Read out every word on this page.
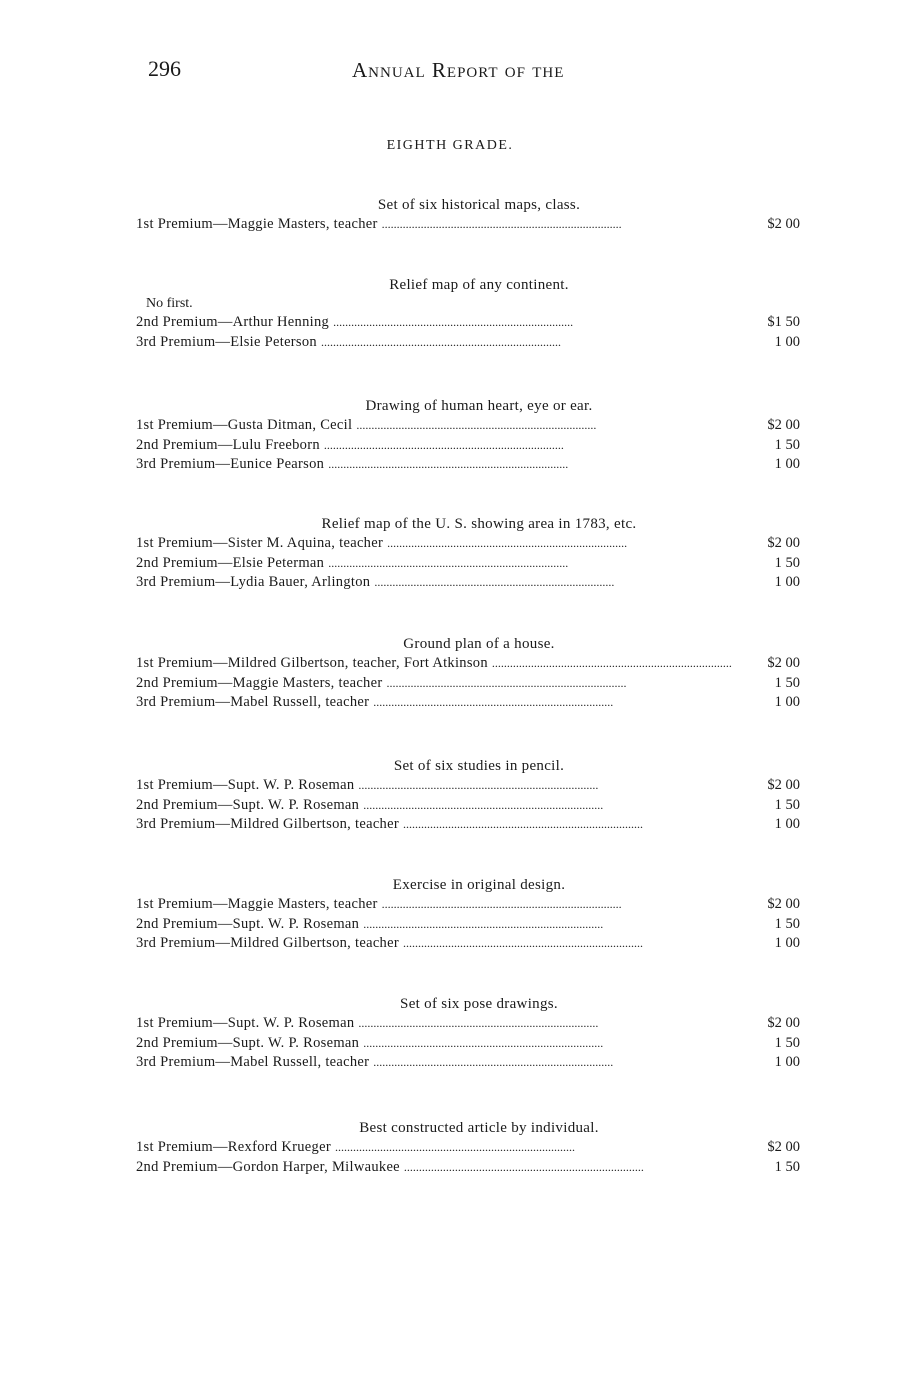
296	Annual Report of the
EIGHTH GRADE.
Set of six historical maps, class.
1st Premium—Maggie Masters, teacher . . .	$2 00
Relief map of any continent.
No first.
2nd Premium—Arthur Henning . . .	$1 50
3rd Premium—Elsie Peterson . . .	1 00
Drawing of human heart, eye or ear.
1st Premium—Gusta Ditman, Cecil . . .	$2 00
2nd Premium—Lulu Freeborn . . .	1 50
3rd Premium—Eunice Pearson . . .	1 00
Relief map of the U. S. showing area in 1783, etc.
1st Premium—Sister M. Aquina, teacher . . .	$2 00
2nd Premium—Elsie Peterman . . .	1 50
3rd Premium—Lydia Bauer, Arlington . . .	1 00
Ground plan of a house.
1st Premium—Mildred Gilbertson, teacher, Fort Atkinson . . .	$2 00
2nd Premium—Maggie Masters, teacher . . .	1 50
3rd Premium—Mabel Russell, teacher . . .	1 00
Set of six studies in pencil.
1st Premium—Supt. W. P. Roseman . . .	$2 00
2nd Premium—Supt. W. P. Roseman . . .	1 50
3rd Premium—Mildred Gilbertson, teacher . . .	1 00
Exercise in original design.
1st Premium—Maggie Masters, teacher . . .	$2 00
2nd Premium—Supt. W. P. Roseman . . .	1 50
3rd Premium—Mildred Gilbertson, teacher . . .	1 00
Set of six pose drawings.
1st Premium—Supt. W. P. Roseman . . .	$2 00
2nd Premium—Supt. W. P. Roseman . . .	1 50
3rd Premium—Mabel Russell, teacher . . .	1 00
Best constructed article by individual.
1st Premium—Rexford Krueger . . .	$2 00
2nd Premium—Gordon Harper, Milwaukee . . .	1 50
